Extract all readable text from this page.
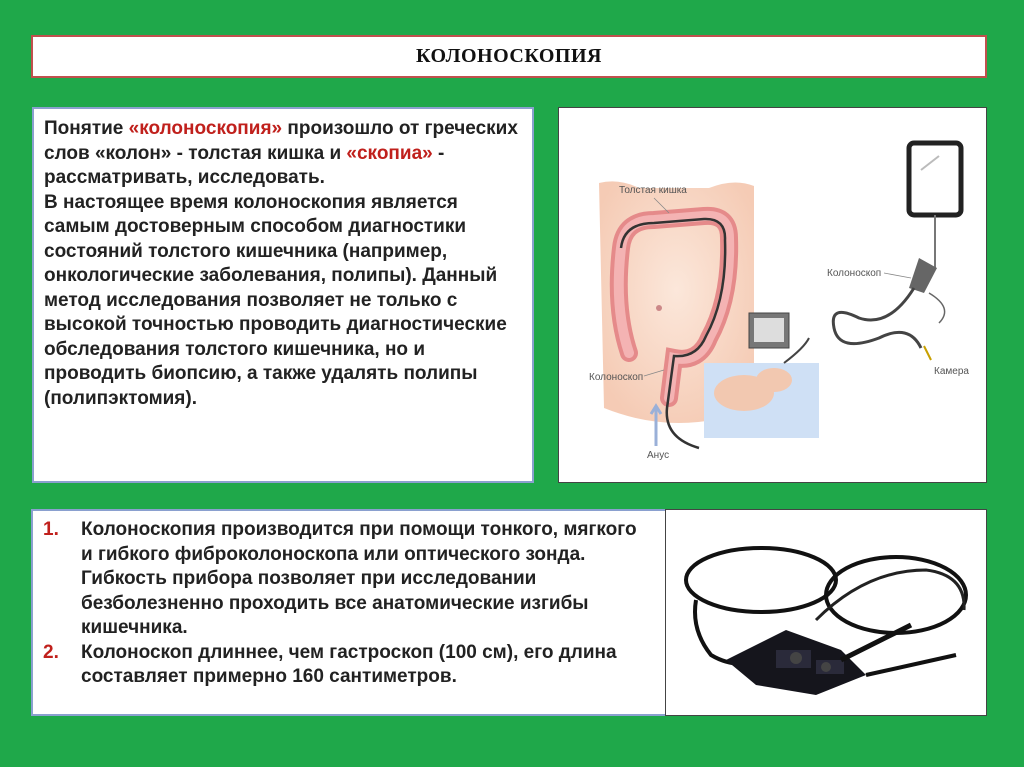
КОЛОНОСКОПИЯ

Понятие «колоноскопия» произошло от греческих слов «колон» - толстая кишка и «скопиа» - рассматривать, исследовать.

В настоящее время колоноскопия является самым достоверным способом диагностики состояний толстого кишечника (например, онкологические заболевания, полипы). Данный метод исследования позволяет не только с высокой точностью проводить диагностические обследования толстого кишечника, но и проводить биопсию, а также удалять полипы (полипэктомия).

Толстая кишка
Колоноскоп
Анус
Колоноскоп
Камера
1.	Колоноскопия производится при помощи тонкого, мягкого и гибкого фиброколоноскопа или оптического зонда. Гибкость прибора позволяет при исследовании безболезненно проходить все анатомические изгибы кишечника.
2.	Колоноскоп длиннее, чем гастроскоп (100 см), его длина составляет примерно 160 сантиметров.
